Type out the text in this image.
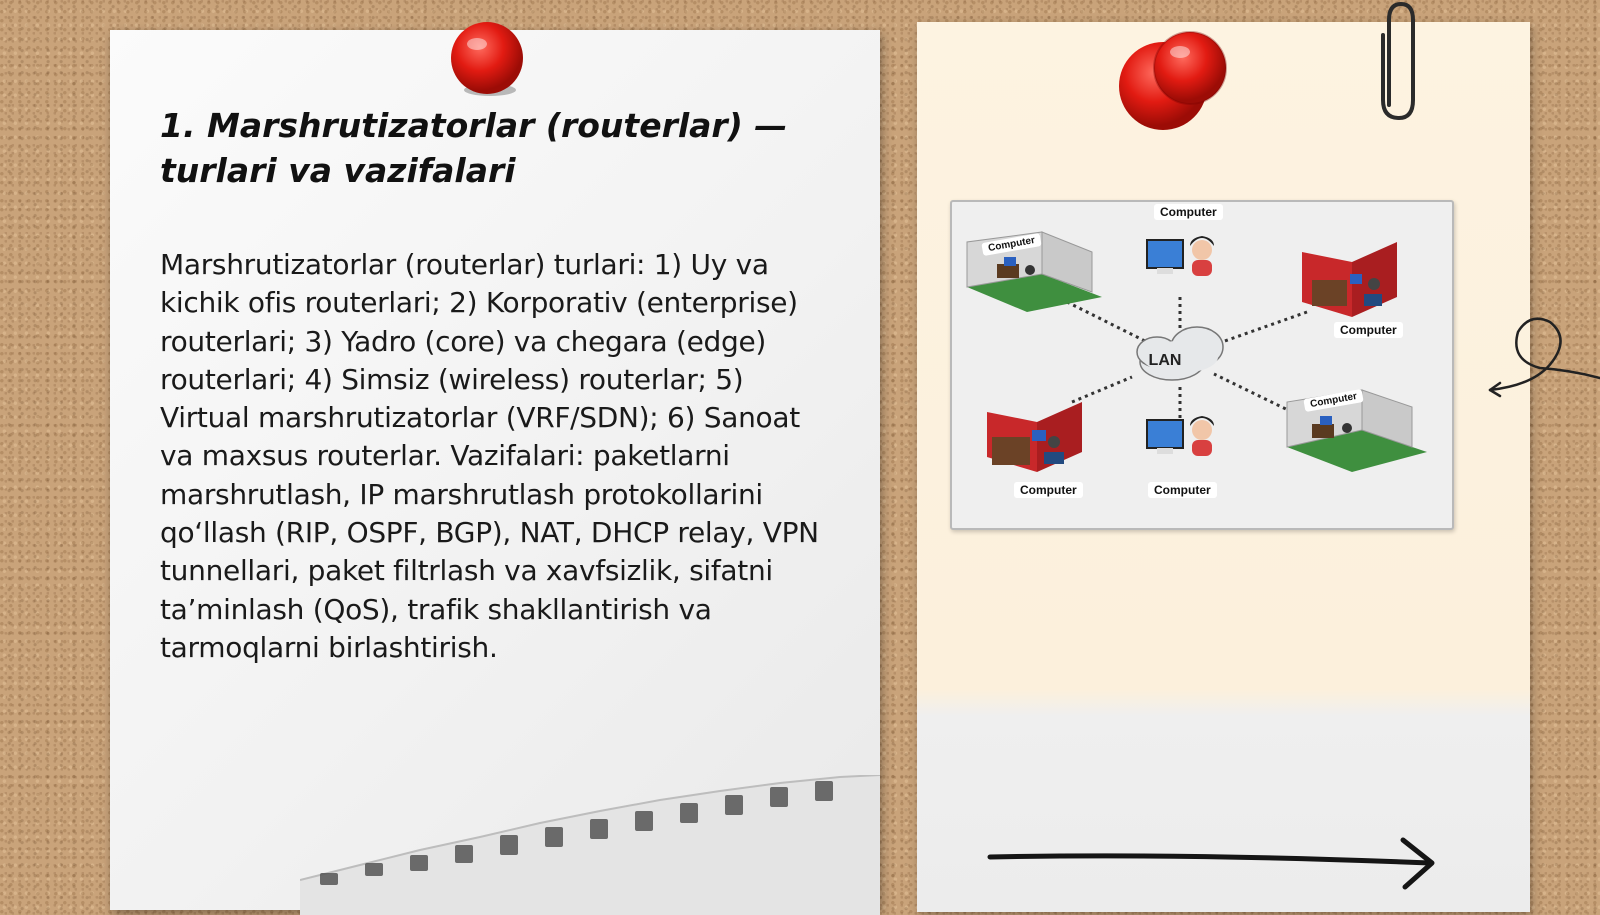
1. Marshrutizatorlar (routerlar) — turlari va vazifalari

Marshrutizatorlar (routerlar) turlari: 1) Uy va kichik ofis routerlari; 2) Korporativ (enterprise) routerlari; 3) Yadro (core) va chegara (edge) routerlari; 4) Simsiz (wireless) routerlar; 5) Virtual marshrutizatorlar (VRF/SDN); 6) Sanoat va maxsus routerlar. Vazifalari: paketlarni marshrutlash, IP marshrutlash protokollarini qo‘llash (RIP, OSPF, BGP), NAT, DHCP relay, VPN tunnellari, paket filtrlash va xavfsizlik, sifatni ta’minlash (QoS), trafik shakllantirish va tarmoqlarni birlashtirish.

LAN
Computer
Computer
Computer
Computer	Computer
Computer
